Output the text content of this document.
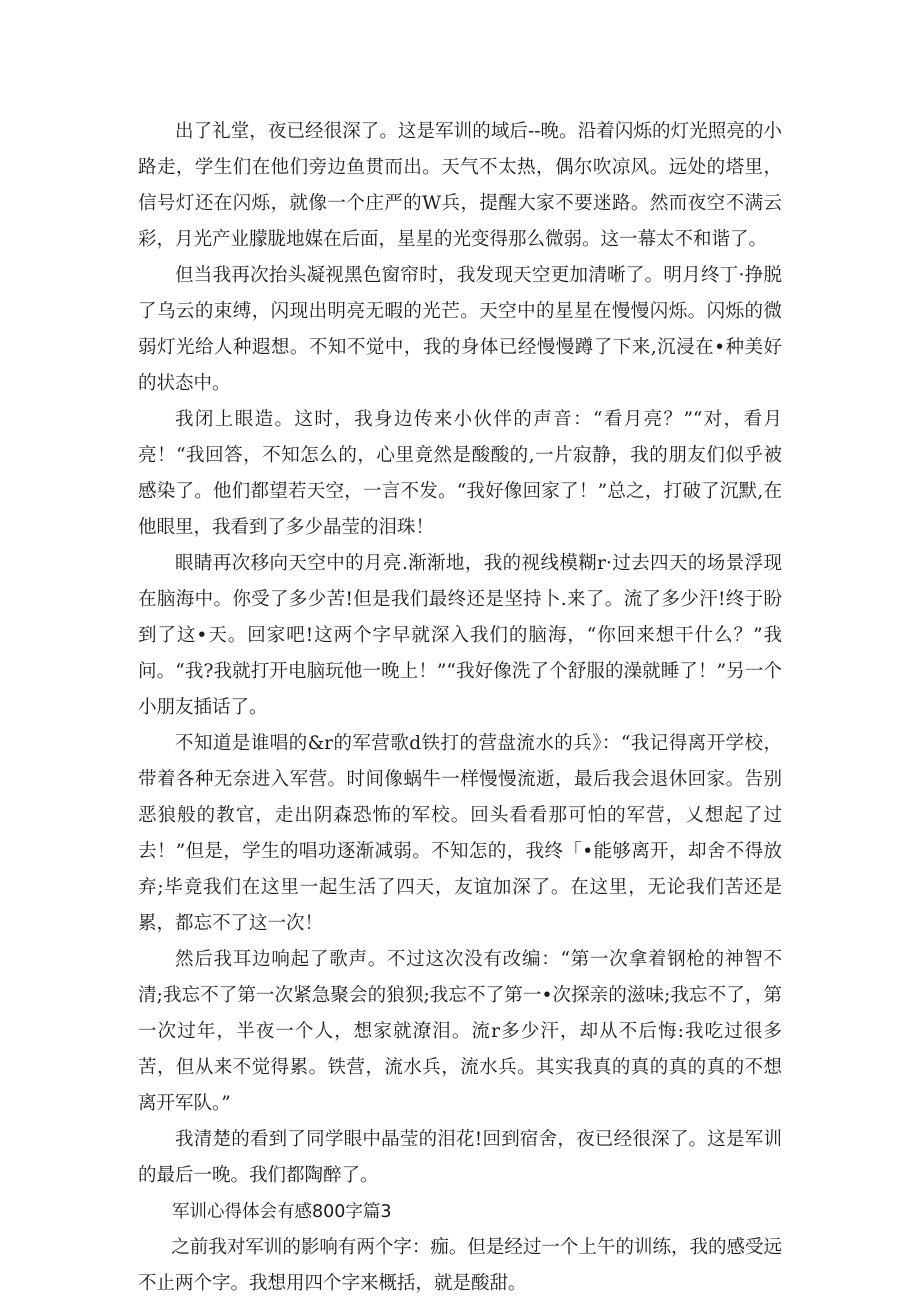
出了礼堂，夜已经很深了。这是军训的域后--晚。沿着闪烁的灯光照亮的小路走，学生们在他们旁边鱼贯而出。天气不太热，偶尔吹凉风。远处的塔里，信号灯还在闪烁，就像一个庄严的W兵，提醒大家不要迷路。然而夜空不满云彩，月光产业朦胧地媒在后面，星星的光变得那么微弱。这一幕太不和谐了。

但当我再次抬头凝视黑色窗帘时，我发现天空更加清晰了。明月终丁·挣脱了乌云的束缚，闪现出明亮无暇的光芒。天空中的星星在慢慢闪烁。闪烁的微弱灯光给人种遐想。不知不觉中，我的身体已经慢慢蹲了下来,沉浸在•种美好的状态中。

我闭上眼造。这时，我身边传来小伙伴的声音：“看月亮？”“对，看月亮！“我回答，不知怎么的，心里竟然是酸酸的,一片寂静，我的朋友们似乎被感染了。他们都望若天空，一言不发。“我好像回家了！”总之，打破了沉默,在他眼里，我看到了多少晶莹的泪珠！

眼睛再次移向天空中的月亮.渐渐地，我的视线模糊r·过去四天的场景浮现在脑海中。你受了多少苦!但是我们最终还是坚持卜.来了。流了多少汗!终于盼到了这•天。回家吧!这两个字早就深入我们的脑海，“你回来想干什么？”我问。“我?我就打开电脑玩他一晚上！”“我好像洗了个舒服的澡就睡了！”另一个小朋友插话了。

不知道是谁唱的&r的军营歌d铁打的营盘流水的兵》：“我记得离开学校，带着各种无奈进入军营。时间像蜗牛一样慢慢流逝，最后我会退休回家。告别恶狼般的教官，走出阴森恐怖的军校。回头看看那可怕的军营，乂想起了过去！”但是，学生的唱功逐渐减弱。不知怎的，我终「•能够离开，却舍不得放弃;毕竟我们在这里一起生活了四天，友谊加深了。在这里，无论我们苦还是累，都忘不了这一次！

然后我耳边响起了歌声。不过这次没有改编：“第一次拿着钢枪的神智不清;我忘不了第一次紧急聚会的狼狈;我忘不了第一•次探亲的滋味;我忘不了，第一次过年，半夜一个人，想家就潦泪。流r多少汗，却从不后悔:我吃过很多苦，但从来不觉得累。铁营，流水兵，流水兵。其实我真的真的真的真的不想离开军队。”

我清楚的看到了同学眼中晶莹的泪花!回到宿舍，夜已经很深了。这是军训的最后一晚。我们都陶醉了。

军训心得体会有感800字篇3

之前我对军训的影响有两个字：痂。但是经过一个上午的训练，我的感受远不止两个字。我想用四个字来概括，就是酸甜。
